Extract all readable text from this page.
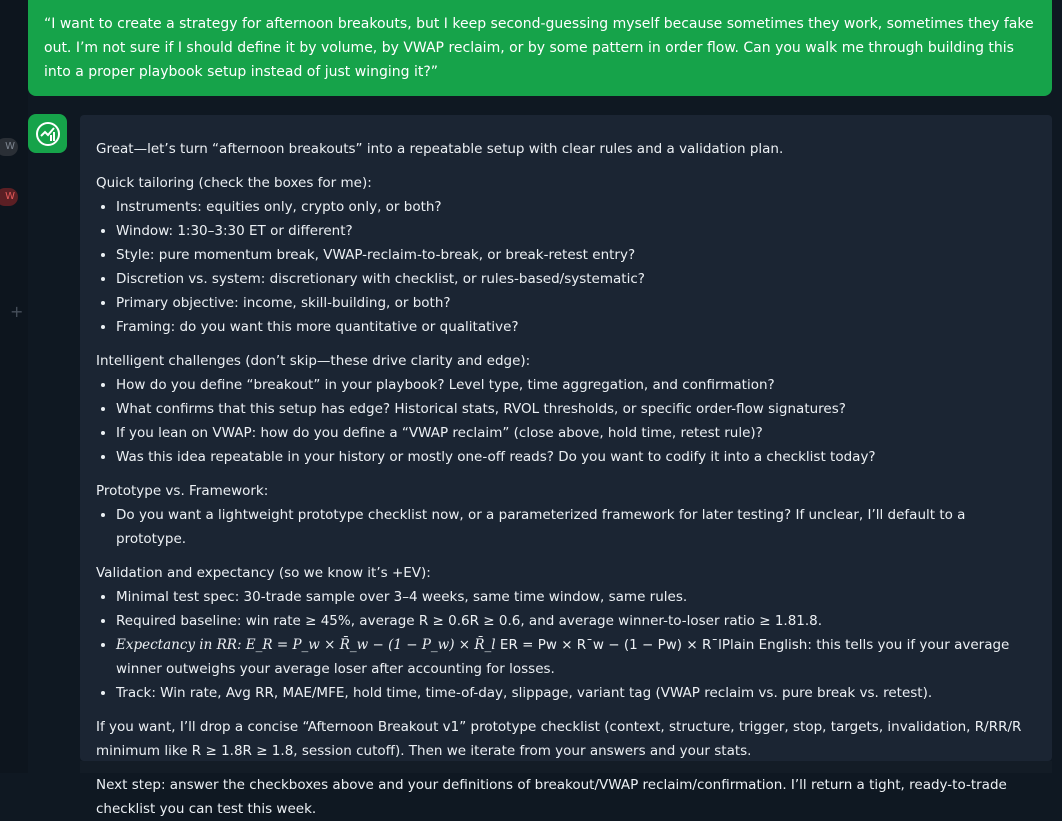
W
W
+
“I want to create a strategy for afternoon breakouts, but I keep second-guessing myself because sometimes they work, sometimes they fake out. I’m not sure if I should define it by volume, by VWAP reclaim, or by some pattern in order flow. Can you walk me through building this into a proper playbook setup instead of just winging it?”

Great—let’s turn “afternoon breakouts” into a repeatable setup with clear rules and a validation plan.

Quick tailoring (check the boxes for me):
• Instruments: equities only, crypto only, or both?
• Window: 1:30–3:30 ET or different?
• Style: pure momentum break, VWAP-reclaim-to-break, or break-retest entry?
• Discretion vs. system: discretionary with checklist, or rules-based/systematic?
• Primary objective: income, skill-building, or both?
• Framing: do you want this more quantitative or qualitative?
Intelligent challenges (don’t skip—these drive clarity and edge):
• How do you define “breakout” in your playbook? Level type, time aggregation, and confirmation?
• What confirms that this setup has edge? Historical stats, RVOL thresholds, or specific order-flow signatures?
• If you lean on VWAP: how do you define a “VWAP reclaim” (close above, hold time, retest rule)?
• Was this idea repeatable in your history or mostly one-off reads? Do you want to codify it into a checklist today?
Prototype vs. Framework:
• Do you want a lightweight prototype checklist now, or a parameterized framework for later testing? If unclear, I’ll default to a prototype.
Validation and expectancy (so we know it’s +EV):
• Minimal test spec: 30-trade sample over 3–4 weeks, same time window, same rules.
• Required baseline: win rate ≥ 45%, average R ≥ 0.6R ≥ 0.6, and average winner-to-loser ratio ≥ 1.81.8.
• Expectancy in RR: E_R = P_w × R̄_w − (1 − P_w) × R̄_l ER = Pw × R¯w − (1 − Pw) × R¯lPlain English: this tells you if your average winner outweighs your average loser after accounting for losses.
• Track: Win rate, Avg RR, MAE/MFE, hold time, time-of-day, slippage, variant tag (VWAP reclaim vs. pure break vs. retest).

If you want, I’ll drop a concise “Afternoon Breakout v1” prototype checklist (context, structure, trigger, stop, targets, invalidation, R/RR/R minimum like R ≥ 1.8R ≥ 1.8, session cutoff). Then we iterate from your answers and your stats.

Next step: answer the checkboxes above and your definitions of breakout/VWAP reclaim/confirmation. I’ll return a tight, ready-to-trade checklist you can test this week.
